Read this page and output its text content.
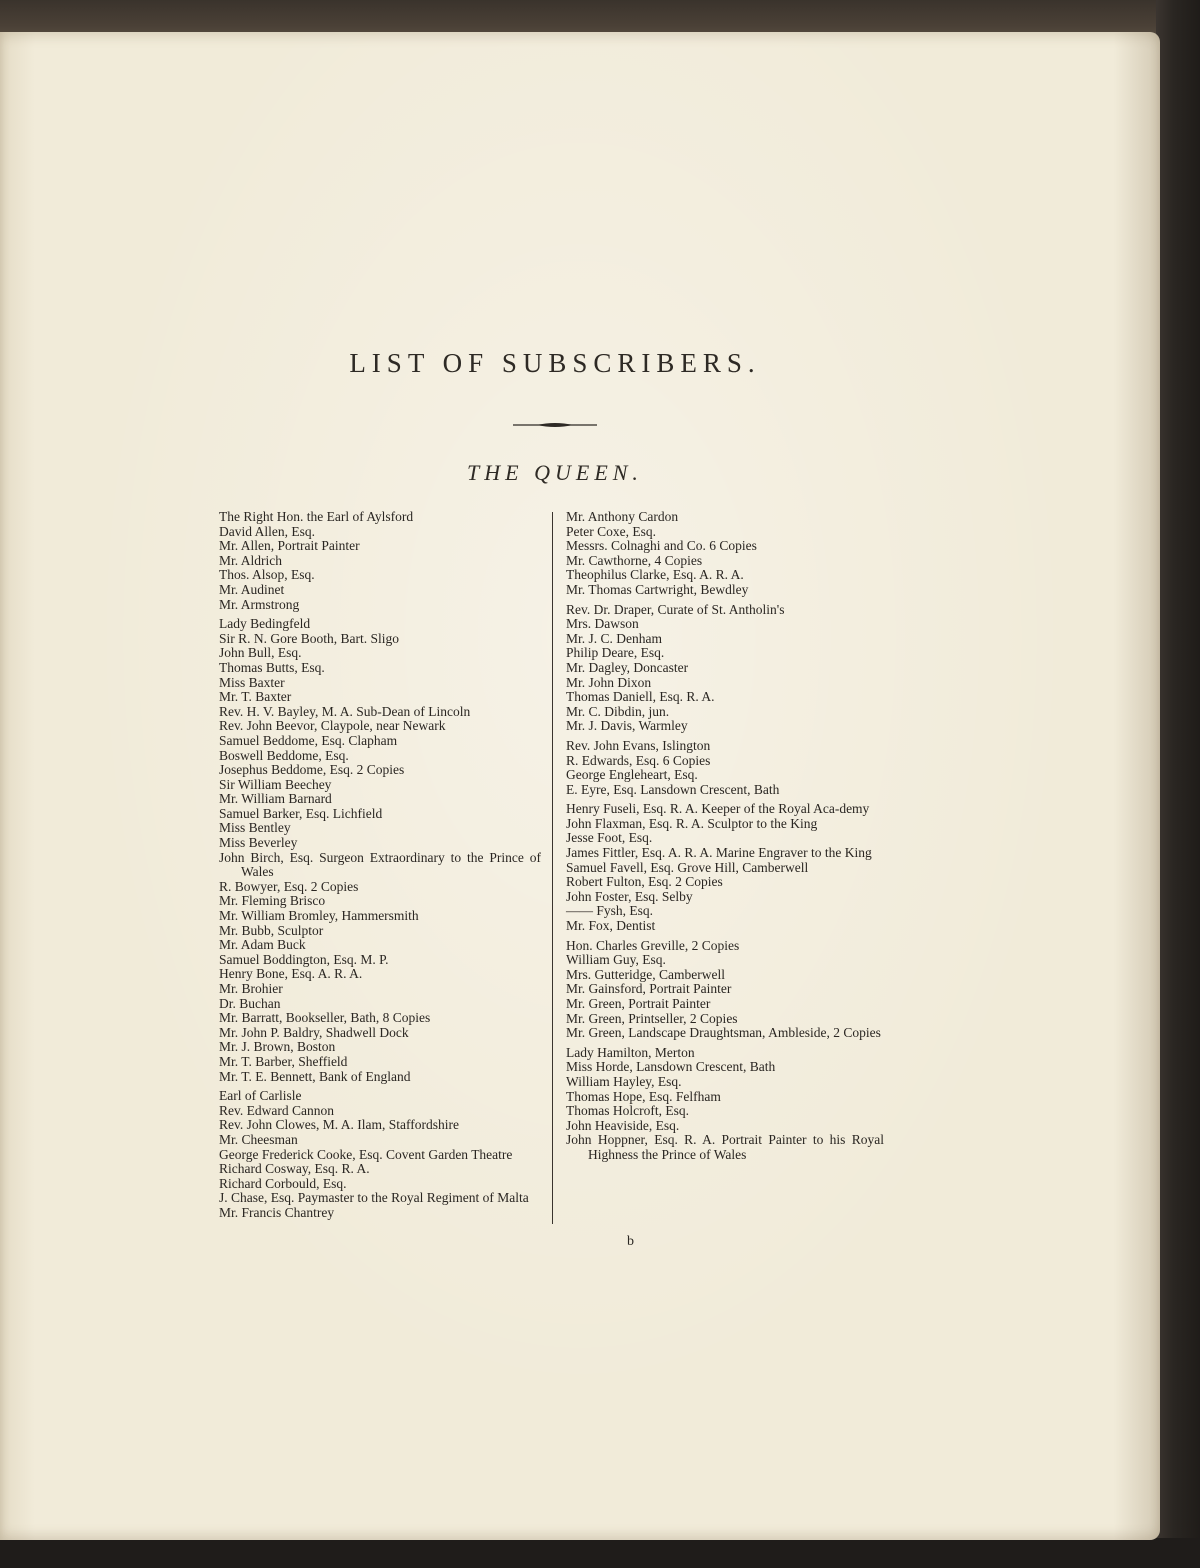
LIST OF SUBSCRIBERS.
THE QUEEN.

The Right Hon. the Earl of Aylsford

David Allen, Esq.

Mr. Allen, Portrait Painter

Mr. Aldrich

Thos. Alsop, Esq.

Mr. Audinet

Mr. Armstrong

Lady Bedingfeld

Sir R. N. Gore Booth, Bart. Sligo

John Bull, Esq.

Thomas Butts, Esq.

Miss Baxter

Mr. T. Baxter

Rev. H. V. Bayley, M. A. Sub-Dean of Lincoln

Rev. John Beevor, Claypole, near Newark

Samuel Beddome, Esq. Clapham

Boswell Beddome, Esq.

Josephus Beddome, Esq. 2 Copies

Sir William Beechey

Mr. William Barnard

Samuel Barker, Esq. Lichfield

Miss Bentley

Miss Beverley

John Birch, Esq. Surgeon Extraordinary to the Prince of Wales

R. Bowyer, Esq. 2 Copies

Mr. Fleming Brisco

Mr. William Bromley, Hammersmith

Mr. Bubb, Sculptor

Mr. Adam Buck

Samuel Boddington, Esq. M. P.

Henry Bone, Esq. A. R. A.

Mr. Brohier

Dr. Buchan

Mr. Barratt, Bookseller, Bath, 8 Copies

Mr. John P. Baldry, Shadwell Dock

Mr. J. Brown, Boston

Mr. T. Barber, Sheffield

Mr. T. E. Bennett, Bank of England

Earl of Carlisle

Rev. Edward Cannon

Rev. John Clowes, M. A. Ilam, Staffordshire

Mr. Cheesman

George Frederick Cooke, Esq. Covent Garden Theatre

Richard Cosway, Esq. R. A.

Richard Corbould, Esq.

J. Chase, Esq. Paymaster to the Royal Regiment of Malta

Mr. Francis Chantrey

Mr. Anthony Cardon

Peter Coxe, Esq.

Messrs. Colnaghi and Co. 6 Copies

Mr. Cawthorne, 4 Copies

Theophilus Clarke, Esq. A. R. A.

Mr. Thomas Cartwright, Bewdley

Rev. Dr. Draper, Curate of St. Antholin's

Mrs. Dawson

Mr. J. C. Denham

Philip Deare, Esq.

Mr. Dagley, Doncaster

Mr. John Dixon

Thomas Daniell, Esq. R. A.

Mr. C. Dibdin, jun.

Mr. J. Davis, Warmley

Rev. John Evans, Islington

R. Edwards, Esq. 6 Copies

George Engleheart, Esq.

E. Eyre, Esq. Lansdown Crescent, Bath

Henry Fuseli, Esq. R. A. Keeper of the Royal Aca-demy

John Flaxman, Esq. R. A. Sculptor to the King

Jesse Foot, Esq.

James Fittler, Esq. A. R. A. Marine Engraver to the King

Samuel Favell, Esq. Grove Hill, Camberwell

Robert Fulton, Esq. 2 Copies

John Foster, Esq. Selby

—— Fysh, Esq.

Mr. Fox, Dentist

Hon. Charles Greville, 2 Copies

William Guy, Esq.

Mrs. Gutteridge, Camberwell

Mr. Gainsford, Portrait Painter

Mr. Green, Portrait Painter

Mr. Green, Printseller, 2 Copies

Mr. Green, Landscape Draughtsman, Ambleside, 2 Copies

Lady Hamilton, Merton

Miss Horde, Lansdown Crescent, Bath

William Hayley, Esq.

Thomas Hope, Esq. Felfham

Thomas Holcroft, Esq.

John Heaviside, Esq.

John Hoppner, Esq. R. A. Portrait Painter to his Royal Highness the Prince of Wales

b
